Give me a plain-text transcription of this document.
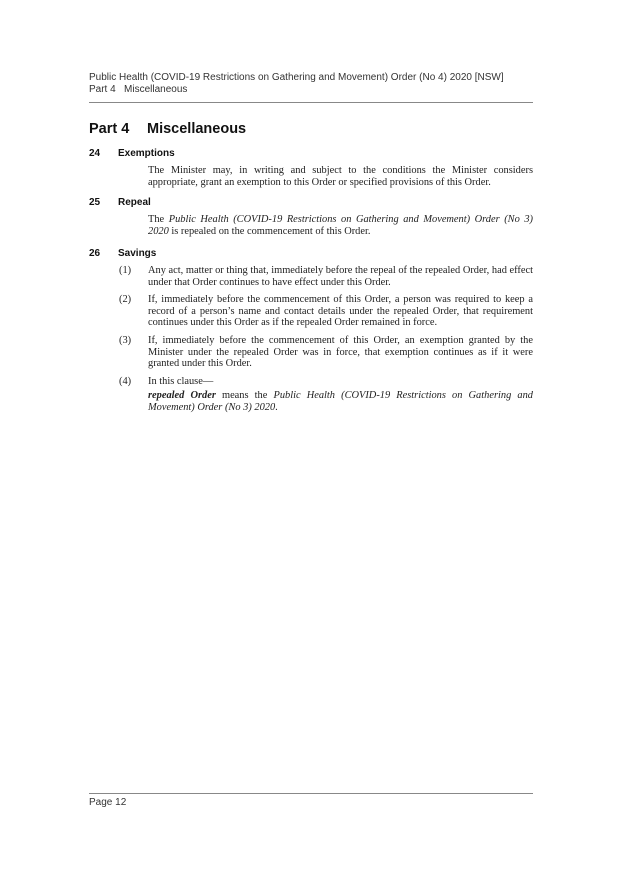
Public Health (COVID-19 Restrictions on Gathering and Movement) Order (No 4) 2020 [NSW]
Part 4   Miscellaneous
Part 4 Miscellaneous
24 Exemptions
The Minister may, in writing and subject to the conditions the Minister considers appropriate, grant an exemption to this Order or specified provisions of this Order.
25 Repeal
The Public Health (COVID-19 Restrictions on Gathering and Movement) Order (No 3) 2020 is repealed on the commencement of this Order.
26 Savings
(1) Any act, matter or thing that, immediately before the repeal of the repealed Order, had effect under that Order continues to have effect under this Order.
(2) If, immediately before the commencement of this Order, a person was required to keep a record of a person’s name and contact details under the repealed Order, that requirement continues under this Order as if the repealed Order remained in force.
(3) If, immediately before the commencement of this Order, an exemption granted by the Minister under the repealed Order was in force, that exemption continues as if it were granted under this Order.
(4) In this clause—
repealed Order means the Public Health (COVID-19 Restrictions on Gathering and Movement) Order (No 3) 2020.
Page 12
